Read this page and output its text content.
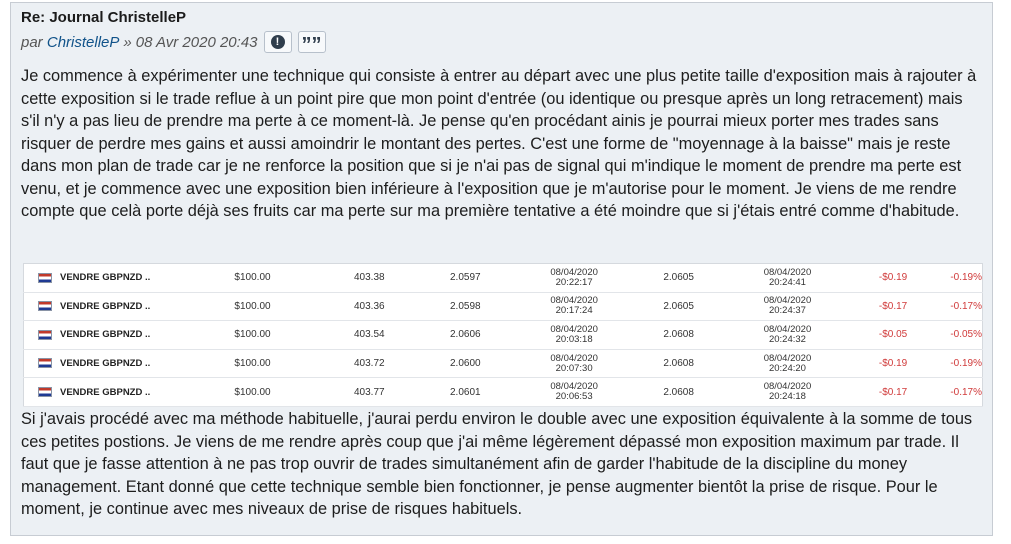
Re: Journal ChristelleP
par
ChristelleP » 08 Avr 2020 20:43	! ””

Je commence à expérimenter une technique qui consiste à entrer au départ avec une plus petite taille d'exposition mais à rajouter à cette exposition si le trade reflue à un point pire que mon point d'entrée (ou identique ou presque après un long retracement) mais s'il n'y a pas lieu de prendre ma perte à ce moment-là. Je pense qu'en procédant ainis je pourrai mieux porter mes trades sans risquer de perdre mes gains et aussi amoindrir le montant des pertes. C'est une forme de "moyennage à la baisse" mais je reste dans mon plan de trade car je ne renforce la position que si je n'ai pas de signal qui m'indique le moment de prendre ma perte est venu, et je commence avec une exposition bien inférieure à l'exposition que je m'autorise pour le moment. Je viens de me rendre compte que celà porte déjà ses fruits car ma perte sur ma première tentative a été moindre que si j'étais entré comme d'habitude.

VENDRE GBPNZD ..	$100.00	403.38	2.0597	08/04/2020
20:22:17	2.0605	08/04/2020
20:24:41	-$0.19	-0.19%
VENDRE GBPNZD ..	$100.00	403.36	2.0598	08/04/2020
20:17:24	2.0605	08/04/2020
20:24:37	-$0.17	-0.17%
VENDRE GBPNZD ..	$100.00	403.54	2.0606	08/04/2020
20:03:18	2.0608	08/04/2020
20:24:32	-$0.05	-0.05%
VENDRE GBPNZD ..	$100.00	403.72	2.0600	08/04/2020
20:07:30	2.0608	08/04/2020
20:24:20	-$0.19	-0.19%
VENDRE GBPNZD ..	$100.00	403.77	2.0601	08/04/2020
20:06:53	2.0608	08/04/2020
20:24:18	-$0.17	-0.17%

Si j'avais procédé avec ma méthode habituelle, j'aurai perdu environ le double avec une exposition équivalente à la somme de tous ces petites postions. Je viens de me rendre après coup que j'ai même légèrement dépassé mon exposition maximum par trade. Il faut que je fasse attention à ne pas trop ouvrir de trades simultanément afin de garder l'habitude de la discipline du money management. Etant donné que cette technique semble bien fonctionner, je pense augmenter bientôt la prise de risque. Pour le moment, je continue avec mes niveaux de prise de risques habituels.
